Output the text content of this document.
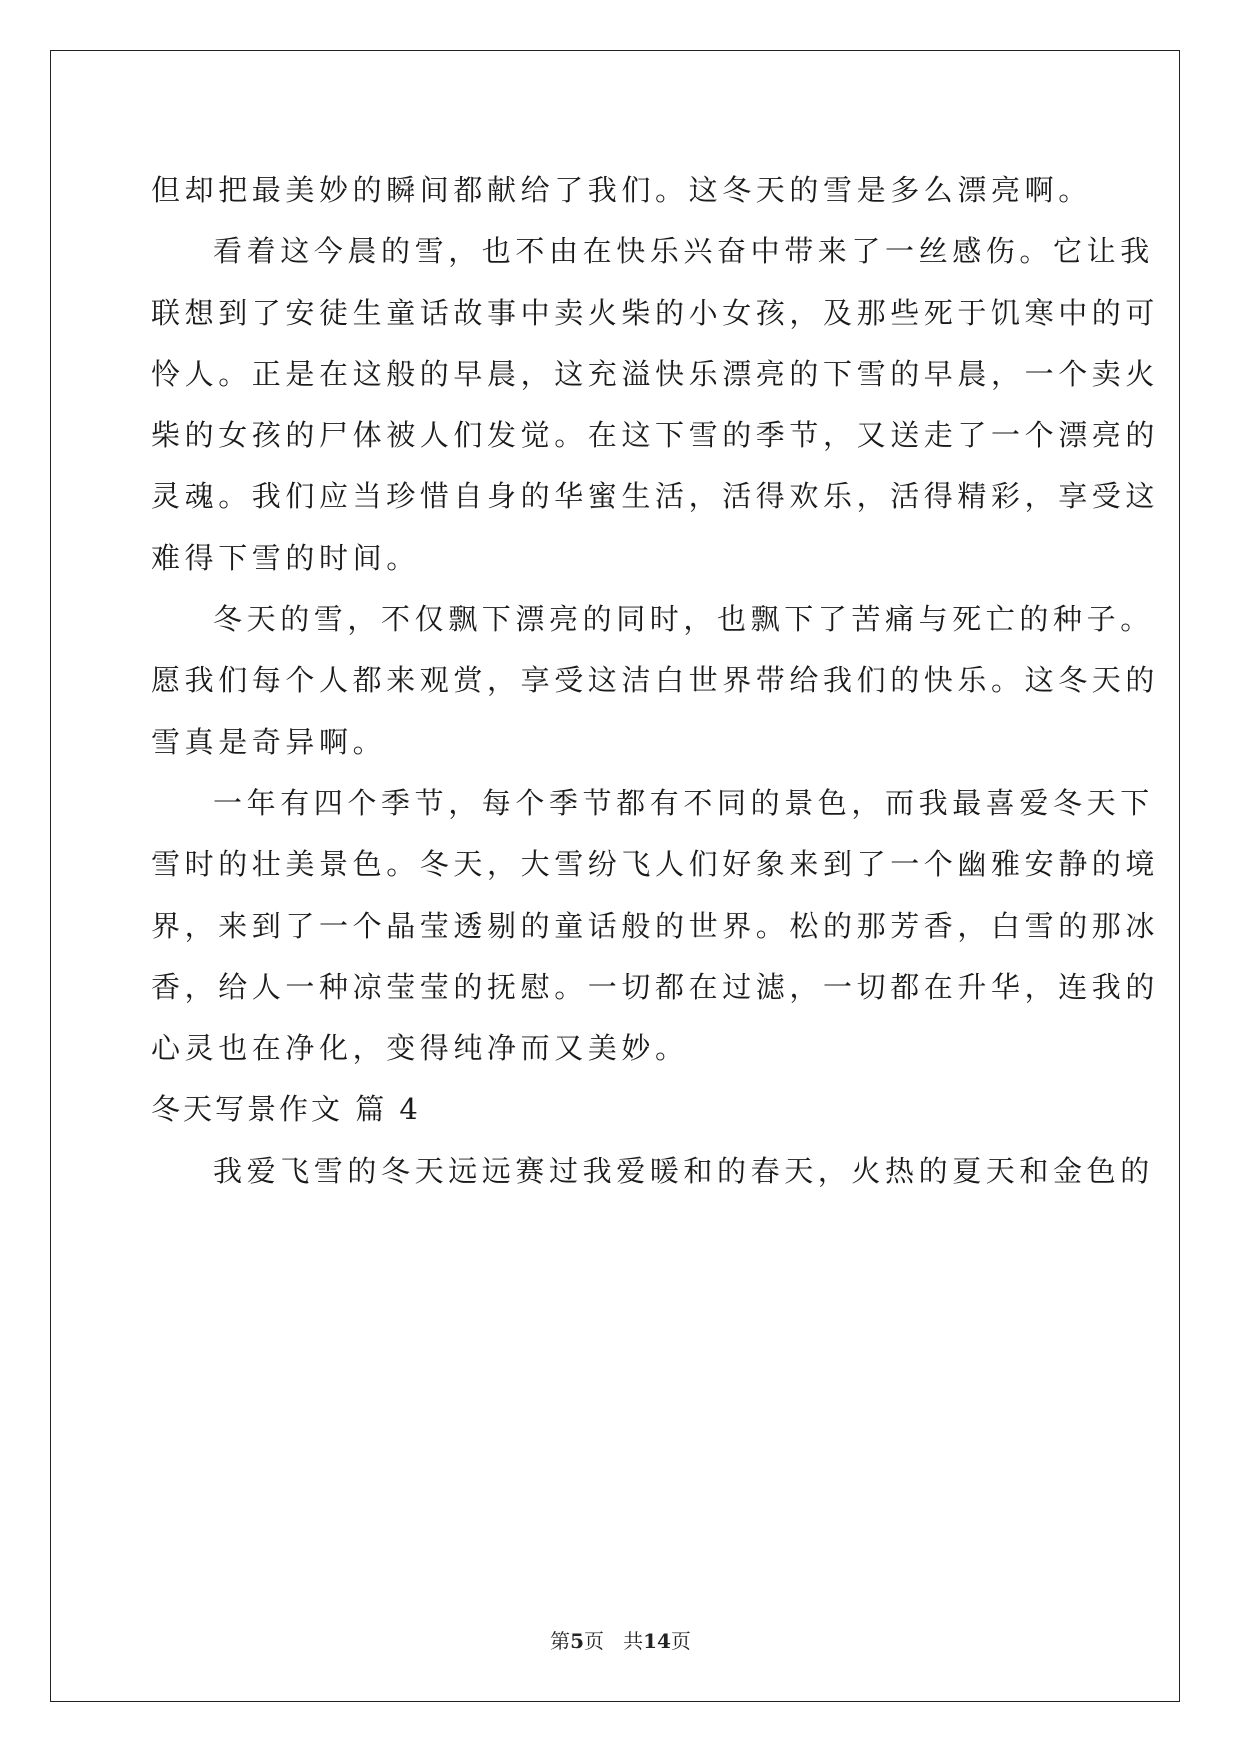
但却把最美妙的瞬间都献给了我们。这冬天的雪是多么漂亮啊。
看着这今晨的雪，也不由在快乐兴奋中带来了一丝感伤。它让我
联想到了安徒生童话故事中卖火柴的小女孩，及那些死于饥寒中的可
怜人。正是在这般的早晨，这充溢快乐漂亮的下雪的早晨，一个卖火
柴的女孩的尸体被人们发觉。在这下雪的季节，又送走了一个漂亮的
灵魂。我们应当珍惜自身的华蜜生活，活得欢乐，活得精彩，享受这
难得下雪的时间。
冬天的雪，不仅飘下漂亮的同时，也飘下了苦痛与死亡的种子。
愿我们每个人都来观赏，享受这洁白世界带给我们的快乐。这冬天的
雪真是奇异啊。
一年有四个季节，每个季节都有不同的景色，而我最喜爱冬天下
雪时的壮美景色。冬天，大雪纷飞人们好象来到了一个幽雅安静的境
界，来到了一个晶莹透剔的童话般的世界。松的那芳香，白雪的那冰
香，给人一种凉莹莹的抚慰。一切都在过滤，一切都在升华，连我的
心灵也在净化，变得纯净而又美妙。
冬天写景作文 篇 4
我爱飞雪的冬天远远赛过我爱暖和的春天，火热的夏天和金色的
第5页 共14页
